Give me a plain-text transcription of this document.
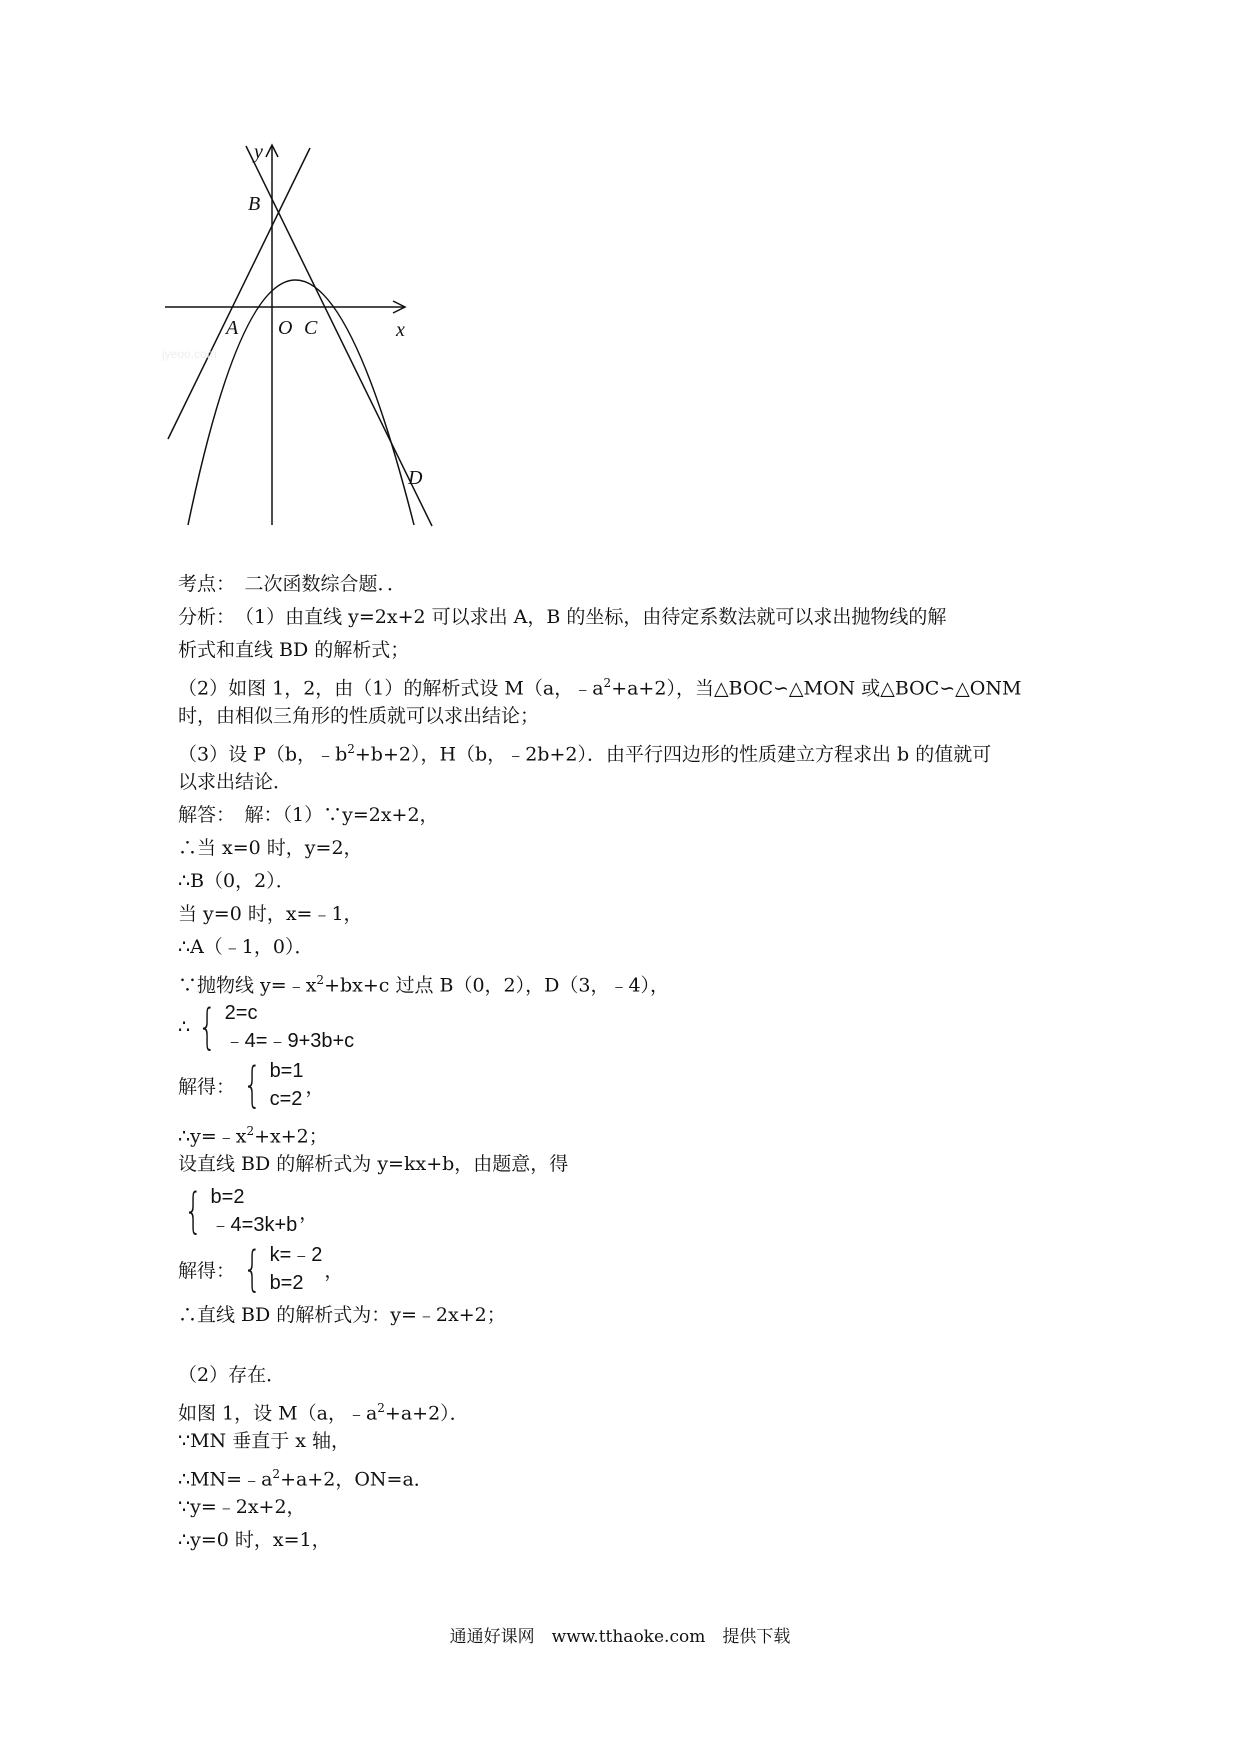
y
B
A O C	x
D
jyeoo.com
考点：　二次函数综合题．．
分析：　（1）由直线 y=2x+2 可以求出 A，B 的坐标，由待定系数法就可以求出抛物线的解
析式和直线 BD 的解析式；
（2）如图 1，2，由（1）的解析式设 M（a，$﹣a^2+a+2$），当△BOC∽△MON 或△BOC∽△ONM
时，由相似三角形的性质就可以求出结论；
（3）设 P（b，$﹣b^2+b+2$），H（b，﹣2b+2）．由平行四边形的性质建立方程求出 b 的值就可
以求出结论．
解答：　解：（1）∵y=2x+2，
∴当 x=0 时，y=2，
∴B（0，2）．
当 y=0 时，x=﹣1，
∴A（﹣1，0）．
∵抛物线 $y=﹣x^2+bx+c$ 过点 B（0，2），D（3，﹣4），
∴ { 2=c
﹣4=﹣9+3b+c
解得： { b=1
c=2
，
$\therefore y=﹣x^2+x+2$；
设直线 BD 的解析式为 y=kx+b，由题意，得
{ b=2
﹣4=3k+b
，
解得： { k=﹣2
b=2
，
∴直线 BD 的解析式为：y=﹣2x+2；
（2）存在．
如图 1，设 M（a，$﹣a^2+a+2$）．
∵MN 垂直于 x 轴，
$\therefore MN=﹣a^2+a+2$，ON=a．
∵y=﹣2x+2，
∴y=0 时，x=1，
通通好课网　www.tthaoke.com　提供下载
